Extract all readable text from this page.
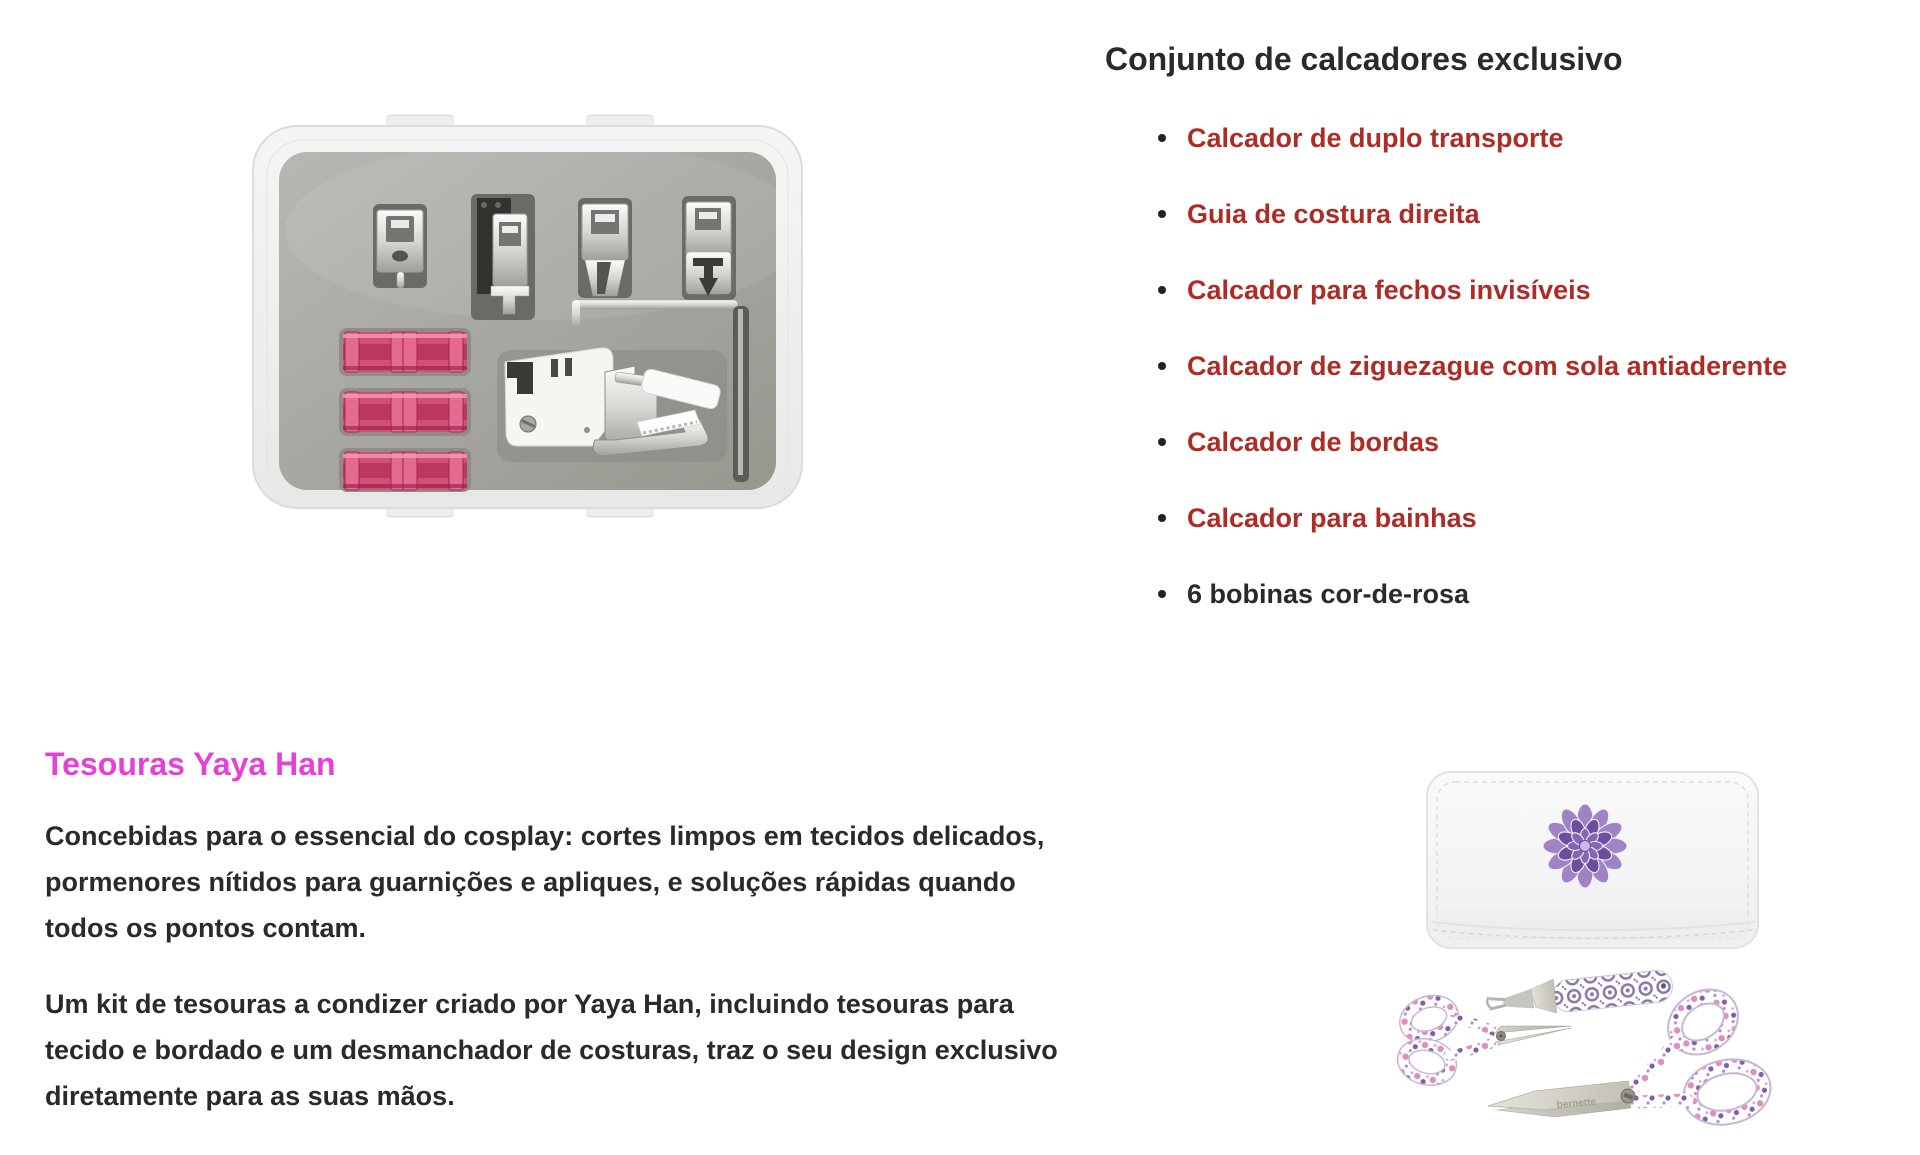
Conjunto de calcadores exclusivo
Calcador de duplo transporte
Guia de costura direita
Calcador para fechos invisíveis
Calcador de ziguezague com sola antiaderente
Calcador de bordas
Calcador para bainhas
6 bobinas cor-de-rosa
Tesouras Yaya Han

Concebidas para o essencial do cosplay: cortes limpos em tecidos delicados, pormenores nítidos para guarnições e apliques, e soluções rápidas quando todos os pontos contam.

Um kit de tesouras a condizer criado por Yaya Han, incluindo tesouras para tecido e bordado e um desmanchador de costuras, traz o seu design exclusivo diretamente para as suas mãos.	bernette
